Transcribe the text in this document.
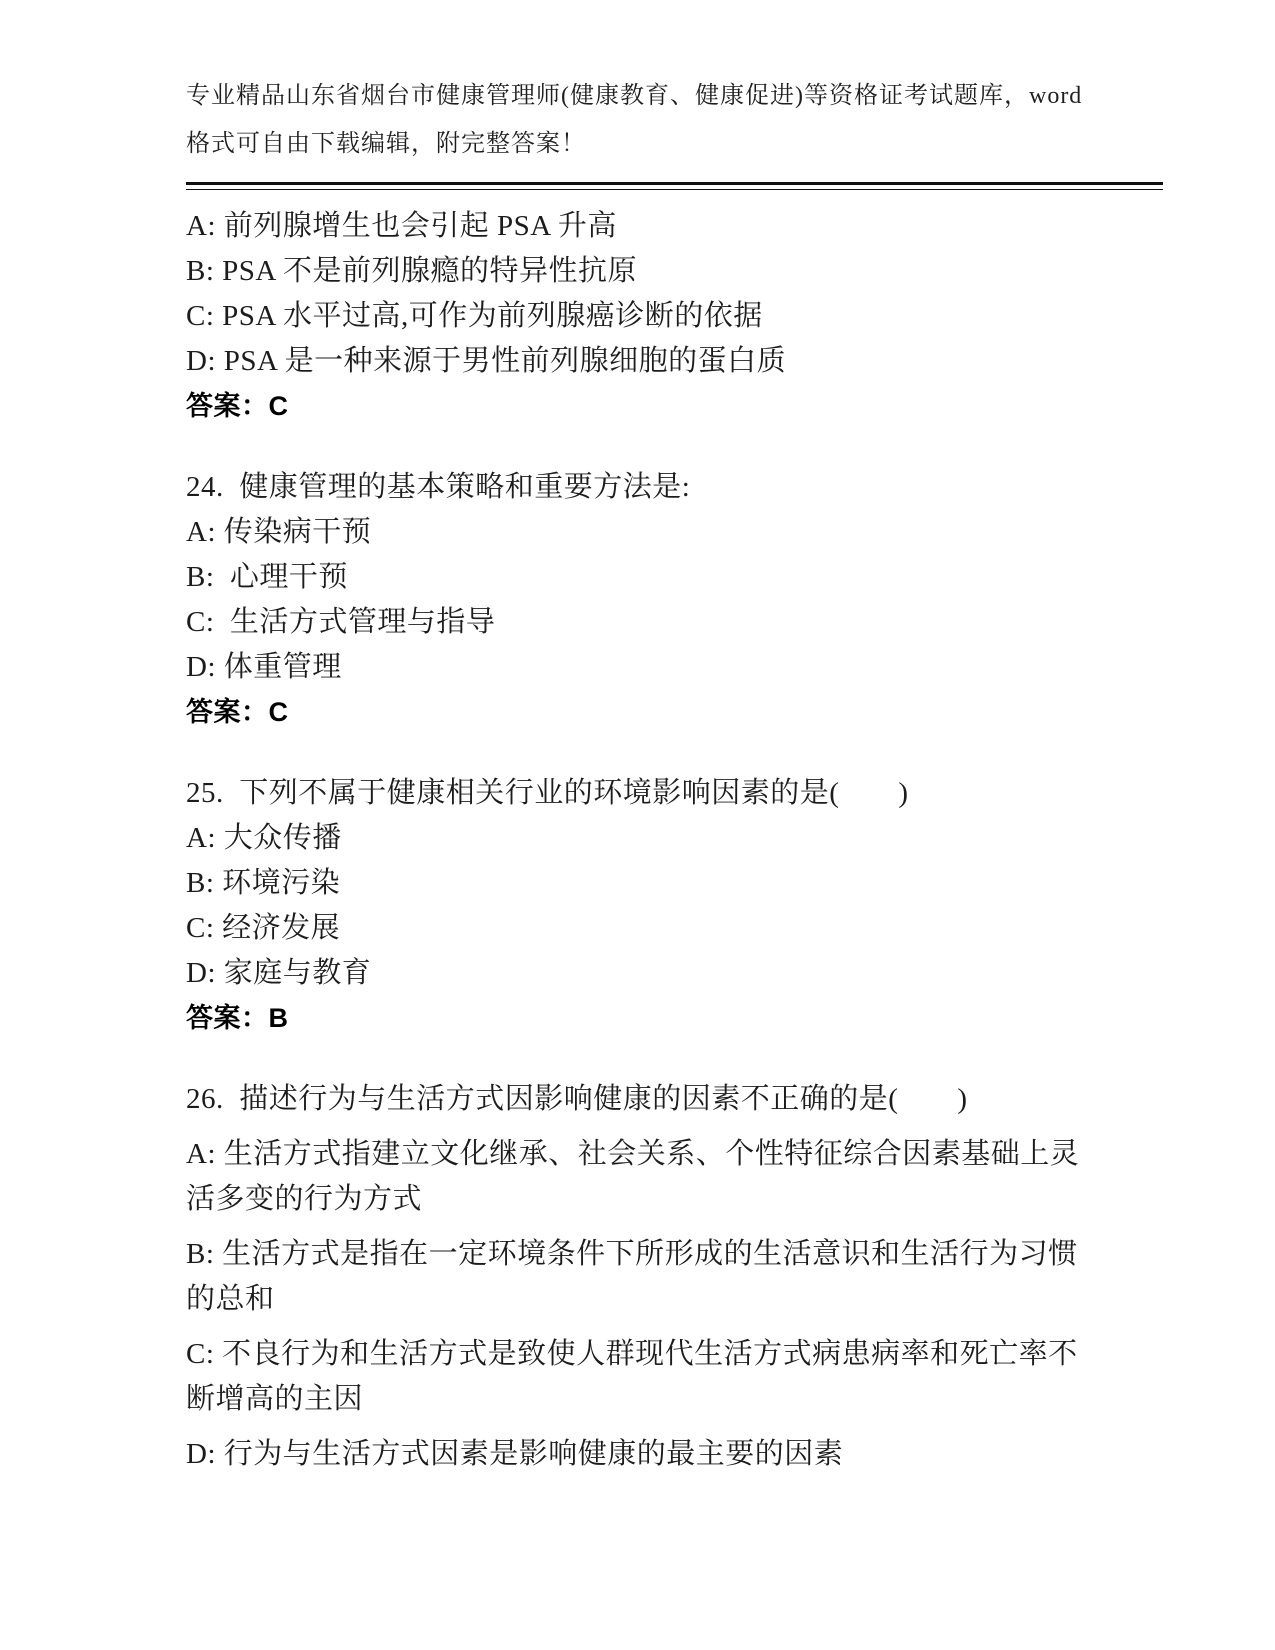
专业精品山东省烟台市健康管理师(健康教育、健康促进)等资格证考试题库，word

格式可自由下载编辑，附完整答案！

A: 前列腺增生也会引起 PSA 升高

B: PSA 不是前列腺瘾的特异性抗原

C: PSA 水平过高,可作为前列腺癌诊断的依据

D: PSA 是一种来源于男性前列腺细胞的蛋白质

答案：C

24.  健康管理的基本策略和重要方法是:

A: 传染病干预

B:  心理干预

C:  生活方式管理与指导

D: 体重管理

答案：C

25.  下列不属于健康相关行业的环境影响因素的是(　　)

A: 大众传播

B: 环境污染

C: 经济发展

D: 家庭与教育

答案：B

26.  描述行为与生活方式因影响健康的因素不正确的是(　　)

A: 生活方式指建立文化继承、社会关系、个性特征综合因素基础上灵

活多变的行为方式

B: 生活方式是指在一定环境条件下所形成的生活意识和生活行为习惯

的总和

C: 不良行为和生活方式是致使人群现代生活方式病患病率和死亡率不

断增高的主因

D: 行为与生活方式因素是影响健康的最主要的因素
